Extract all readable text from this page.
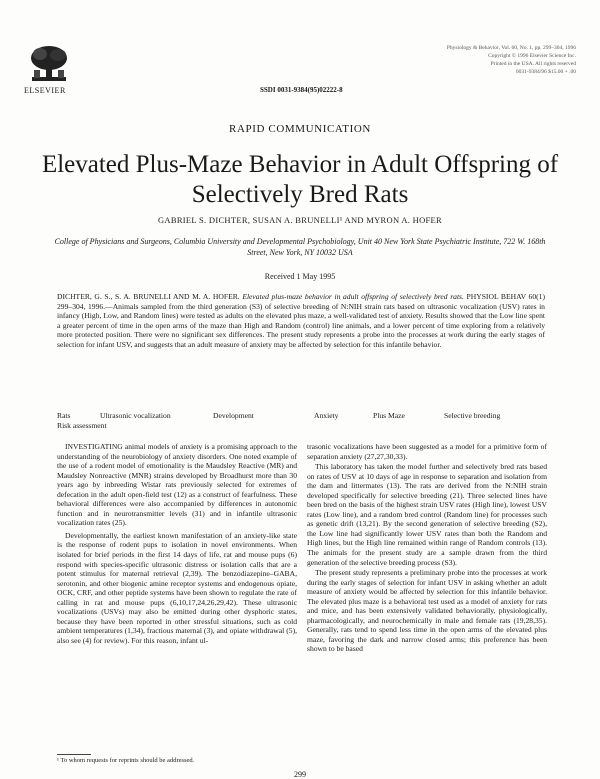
ELSEVIER
Physiology & Behavior, Vol. 60, No. 1, pp. 299–304, 1996
Copyright © 1996 Elsevier Science Inc.
Printed in the USA. All rights reserved
0031-9384/96 $15.00 + .00
SSDI 0031-9384(95)02222-8
RAPID COMMUNICATION
Elevated Plus-Maze Behavior in Adult Offspring of Selectively Bred Rats
GABRIEL S. DICHTER, SUSAN A. BRUNELLI¹ AND MYRON A. HOFER
College of Physicians and Surgeons, Columbia University and Developmental Psychobiology, Unit 40 New York State Psychiatric Institute, 722 W. 168th Street, New York, NY 10032 USA
Received 1 May 1995
DICHTER, G. S., S. A. BRUNELLI AND M. A. HOFER. Elevated plus-maze behavior in adult offspring of selectively bred rats. PHYSIOL BEHAV 60(1) 299–304, 1996.—Animals sampled from the third generation (S3) of selective breeding of N:NIH strain rats based on ultrasonic vocalization (USV) rates in infancy (High, Low, and Random lines) were tested as adults on the elevated plus maze, a well-validated test of anxiety. Results showed that the Low line spent a greater percent of time in the open arms of the maze than High and Random (control) line animals, and a lower percent of time exploring from a relatively more protected position. There were no significant sex differences. The present study represents a probe into the processes at work during the early stages of selection for infant USV, and suggests that an adult measure of anxiety may be affected by selection for this infantile behavior.
Rats	Ultrasonic vocalization	Development	Anxiety	Plus Maze	Selective breeding
Risk assessment

INVESTIGATING animal models of anxiety is a promising approach to the understanding of the neurobiology of anxiety disorders. One noted example of the use of a rodent model of emotionality is the Maudsley Reactive (MR) and Maudsley Nonreactive (MNR) strains developed by Broadhurst more than 30 years ago by inbreeding Wistar rats previously selected for extremes of defecation in the adult open-field test (12) as a construct of fearfulness. These behavioral differences were also accompanied by differences in autonomic function and in neurotransmitter levels (31) and in infantile ultrasonic vocalization rates (25).

Developmentally, the earliest known manifestation of an anxiety-like state is the response of rodent pups to isolation in novel environments. When isolated for brief periods in the first 14 days of life, rat and mouse pups (6) respond with species-specific ultrasonic distress or isolation calls that are a potent stimulus for maternal retrieval (2,39). The benzodiazepine–GABA, serotonin, and other biogenic amine receptor systems and endogenous opiate, OCK, CRF, and other peptide systems have been shown to regulate the rate of calling in rat and mouse pups (6,10,17,24,26,29,42). These ultrasonic vocalizations (USVs) may also be emitted during other dysphoric states, because they have been reported in other stressful situations, such as cold ambient temperatures (1,34), fractious maternal (3), and opiate withdrawal (5), also see (4) for review). For this reason, infant ul-

trasonic vocalizations have been suggested as a model for a primitive form of separation anxiety (27,27,30,33).

This laboratory has taken the model further and selectively bred rats based on rates of USV at 10 days of age in response to separation and isolation from the dam and littermates (13). The rats are derived from the N:NIH strain developed specifically for selective breeding (21). Three selected lines have been bred on the basis of the highest strain USV rates (High line), lowest USV rates (Low line), and a random bred control (Random line) for processes such as genetic drift (13,21). By the second generation of selective breeding (S2), the Low line had significantly lower USV rates than both the Random and High lines, but the High line remained within range of Random controls (13). The animals for the present study are a sample drawn from the third generation of the selective breeding process (S3).

The present study represents a preliminary probe into the processes at work during the early stages of selection for infant USV in asking whether an adult measure of anxiety would be affected by selection for this infantile behavior. The elevated plus maze is a behavioral test used as a model of anxiety for rats and mice, and has been extensively validated behaviorally, physiologically, pharmacologically, and neurochemically in male and female rats (19,28,35). Generally, rats tend to spend less time in the open arms of the elevated plus maze, favoring the dark and narrow closed arms; this preference has been shown to be based

¹ To whom requests for reprints should be addressed.
299
